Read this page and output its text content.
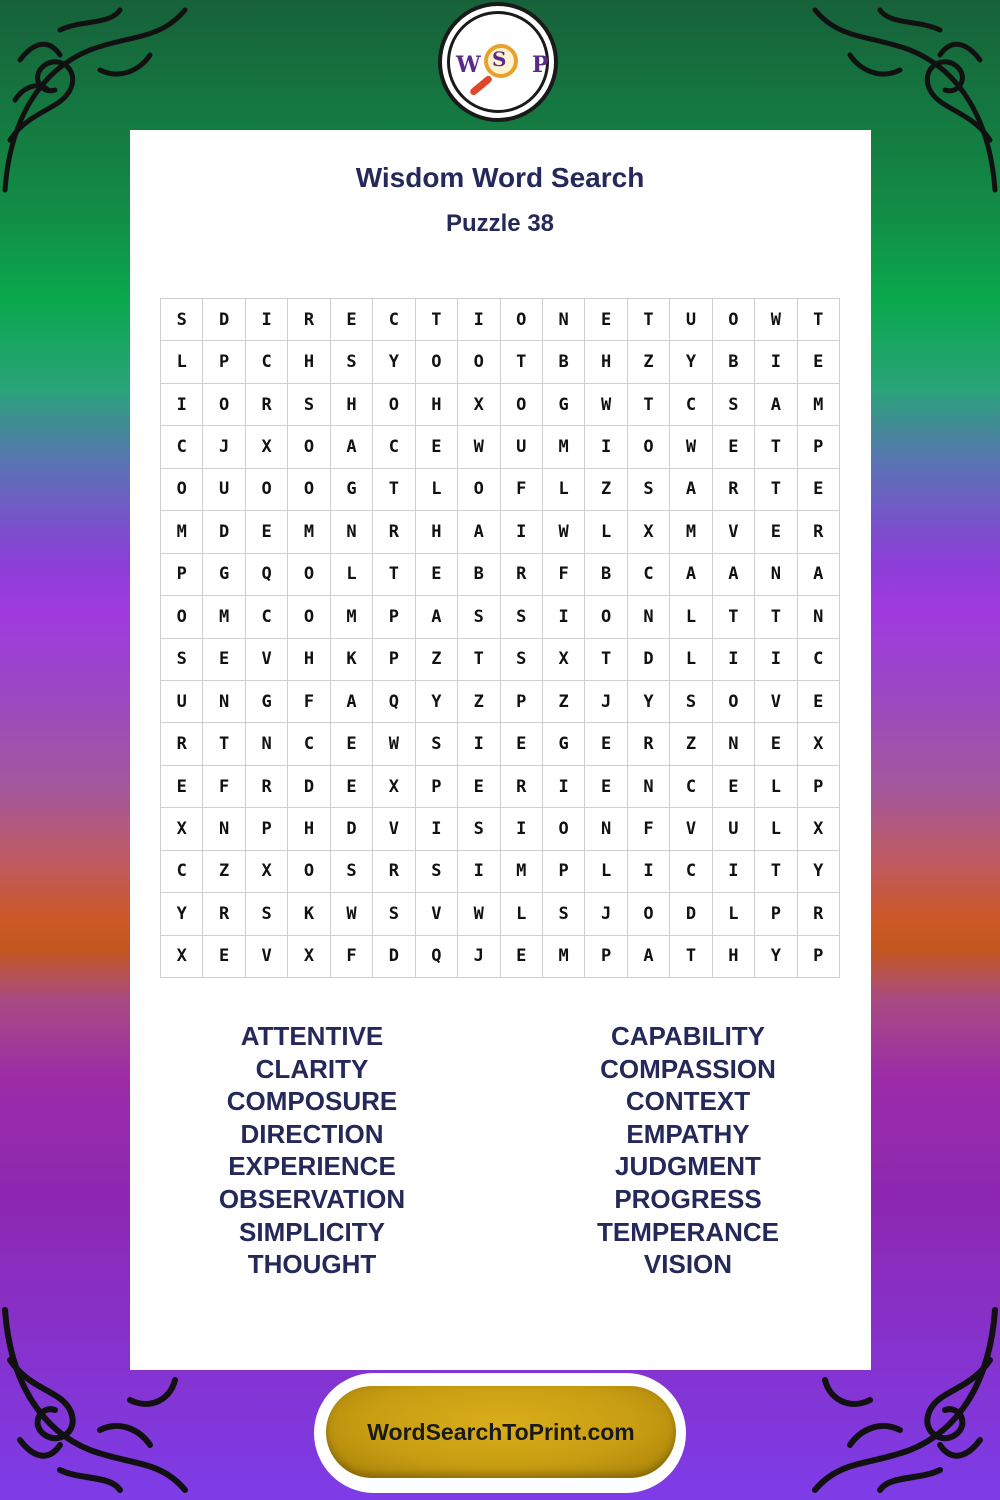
W S P
Wisdom Word Search
Puzzle 38
S	D	I	R	E	C	T	I	O	N	E	T	U	O	W	T
L	P	C	H	S	Y	O	O	T	B	H	Z	Y	B	I	E
I	O	R	S	H	O	H	X	O	G	W	T	C	S	A	M
C	J	X	O	A	C	E	W	U	M	I	O	W	E	T	P
O	U	O	O	G	T	L	O	F	L	Z	S	A	R	T	E
M	D	E	M	N	R	H	A	I	W	L	X	M	V	E	R
P	G	Q	O	L	T	E	B	R	F	B	C	A	A	N	A
O	M	C	O	M	P	A	S	S	I	O	N	L	T	T	N
S	E	V	H	K	P	Z	T	S	X	T	D	L	I	I	C
U	N	G	F	A	Q	Y	Z	P	Z	J	Y	S	O	V	E
R	T	N	C	E	W	S	I	E	G	E	R	Z	N	E	X
E	F	R	D	E	X	P	E	R	I	E	N	C	E	L	P
X	N	P	H	D	V	I	S	I	O	N	F	V	U	L	X
C	Z	X	O	S	R	S	I	M	P	L	I	C	I	T	Y
Y	R	S	K	W	S	V	W	L	S	J	O	D	L	P	R
X	E	V	X	F	D	Q	J	E	M	P	A	T	H	Y	P
ATTENTIVE
CLARITY
COMPOSURE
DIRECTION
EXPERIENCE
OBSERVATION
SIMPLICITY
THOUGHT
CAPABILITY
COMPASSION
CONTEXT
EMPATHY
JUDGMENT
PROGRESS
TEMPERANCE
VISION
WordSearchToPrint.com
